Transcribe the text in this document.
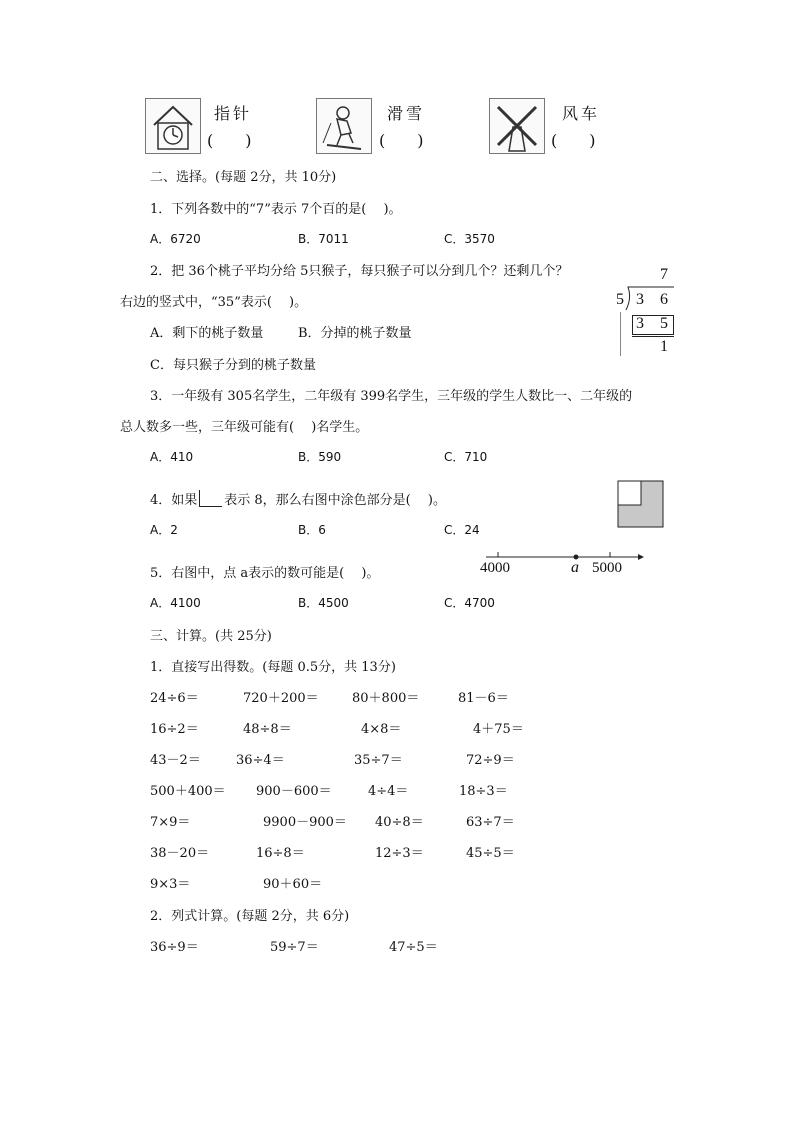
指针
(　　)
滑雪
(　　)
风车
(　　)
二、选择。(每题 2分，共 10分)
1．下列各数中的“7”表示 7个百的是(　 )。
A．6720	B．7011	C．3570
2．把 36个桃子平均分给 5只猴子，每只猴子可以分到几个？还剩几个？
右边的竖式中，“35”表示(　 )。
A．剩下的桃子数量	B．分掉的桃子数量
C．每只猴子分到的桃子数量
7
5 3 6
3 5
1
3．一年级有 305名学生，二年级有 399名学生，三年级的学生人数比一、二年级的
总人数多一些，三年级可能有(　 )名学生。
A．410	B．590	C．710
4．如果 表示 8，那么右图中涂色部分是(　 )。
A．2	B．6	C．24
5．右图中，点 a表示的数可能是(　 )。
A．4100	B．4500	C．4700
4000	a 5000
三、计算。(共 25分)
1．直接写出得数。(每题 0.5分，共 13分)
24÷6＝	720＋200＝	80＋800＝	81－6＝
16÷2＝	48÷8＝	4×8＝	4＋75＝
43－2＝	36÷4＝	35÷7＝	72÷9＝
500＋400＝ 900－600＝	4÷4＝	18÷3＝
7×9＝	9900－900＝ 40÷8＝	63÷7＝
38－20＝	16÷8＝	12÷3＝	45÷5＝
9×3＝	90＋60＝
2．列式计算。(每题 2分，共 6分)
36÷9＝	59÷7＝	47÷5＝
